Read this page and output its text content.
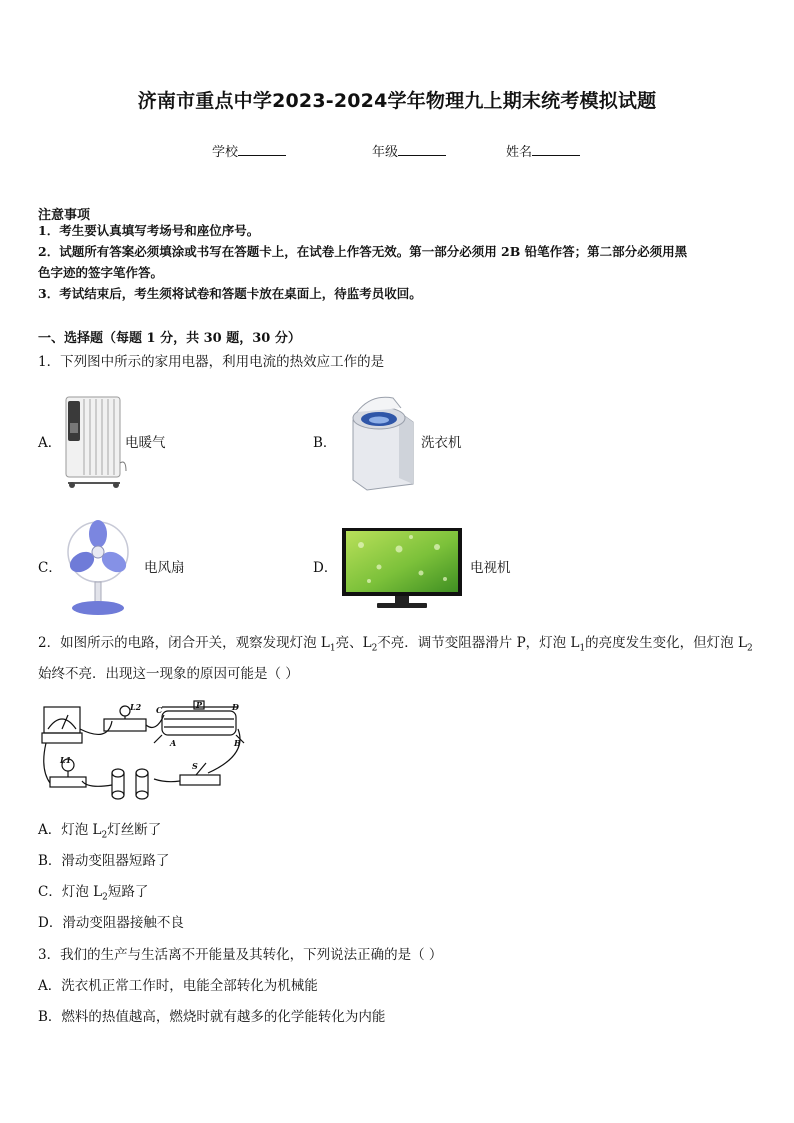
济南市重点中学2023-2024学年物理九上期末统考模拟试题
学校	年级	姓名
注意事项
1．考生要认真填写考场号和座位序号。
2．试题所有答案必须填涂或书写在答题卡上，在试卷上作答无效。第一部分必须用 2B 铅笔作答；第二部分必须用黑
色字迹的签字笔作答。
3．考试结束后，考生须将试卷和答题卡放在桌面上，待监考员收回。
一、选择题（每题 1 分，共 30 题，30 分）
1．下列图中所示的家用电器，利用电流的热效应工作的是
A．	电暖气	B．	洗衣机
C．	电风扇	D．	电视机
2．如图所示的电路，闭合开关，观察发现灯泡 $L_1$亮、$L_2$不亮．调节变阻器滑片 P，灯泡 $L_1$的亮度发生变化，但灯泡 $L_2$
始终不亮．出现这一现象的原因可能是（ ）
L2 C	P	D
A	B
S
L1
A．灯泡 $L_2$灯丝断了
B．滑动变阻器短路了
C．灯泡 $L_2$短路了
D．滑动变阻器接触不良
3．我们的生产与生活离不开能量及其转化，下列说法正确的是（ ）
A．洗衣机正常工作时，电能全部转化为机械能
B．燃料的热值越高，燃烧时就有越多的化学能转化为内能
